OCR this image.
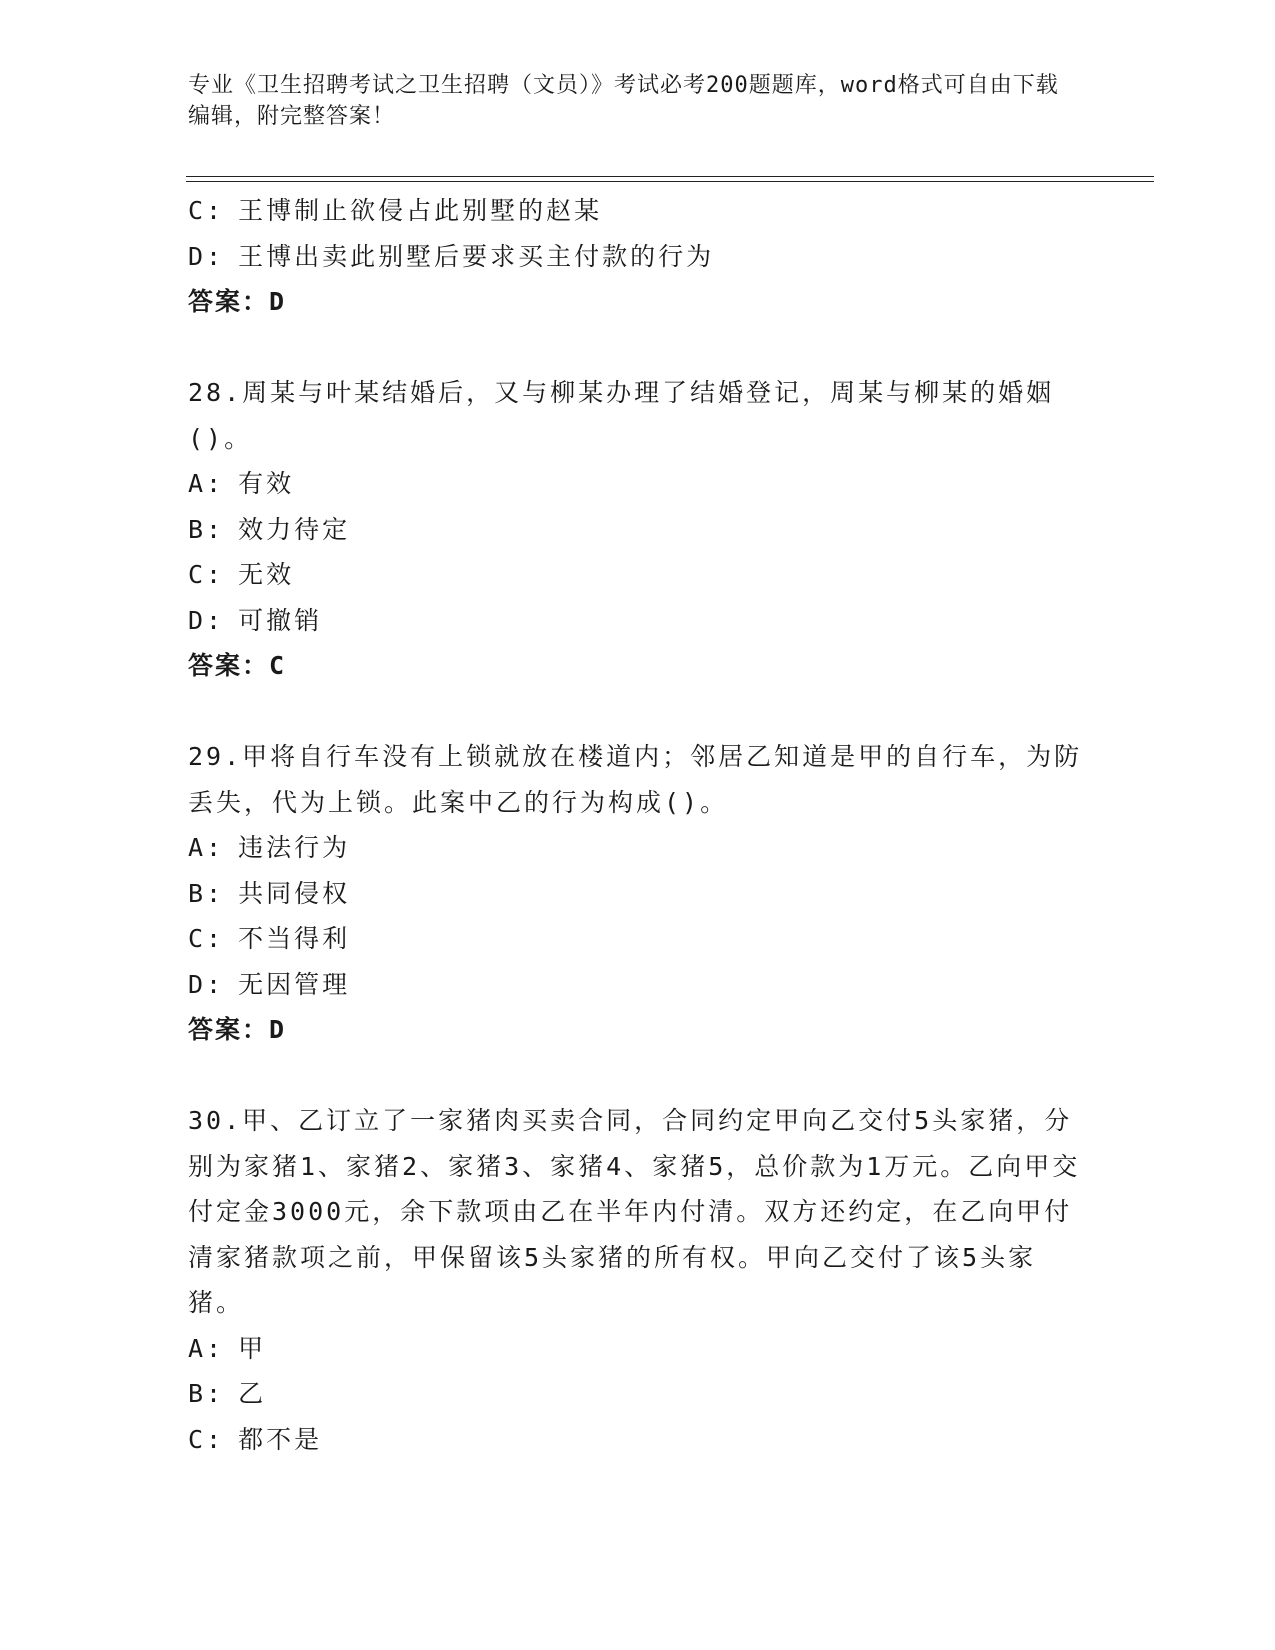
专业《卫生招聘考试之卫生招聘（文员）》考试必考200题题库，word格式可自由下载编辑，附完整答案！
C: 王博制止欲侵占此别墅的赵某
D: 王博出卖此别墅后要求买主付款的行为
答案：D
28.周某与叶某结婚后，又与柳某办理了结婚登记，周某与柳某的婚姻()。
A: 有效
B: 效力待定
C: 无效
D: 可撤销
答案：C
29.甲将自行车没有上锁就放在楼道内；邻居乙知道是甲的自行车，为防丢失，代为上锁。此案中乙的行为构成()。
A: 违法行为
B: 共同侵权
C: 不当得利
D: 无因管理
答案：D
30.甲、乙订立了一家猪肉买卖合同，合同约定甲向乙交付5头家猪，分别为家猪1、家猪2、家猪3、家猪4、家猪5，总价款为1万元。乙向甲交付定金3000元，余下款项由乙在半年内付清。双方还约定，在乙向甲付清家猪款项之前，甲保留该5头家猪的所有权。甲向乙交付了该5头家猪。
A: 甲
B: 乙
C: 都不是
